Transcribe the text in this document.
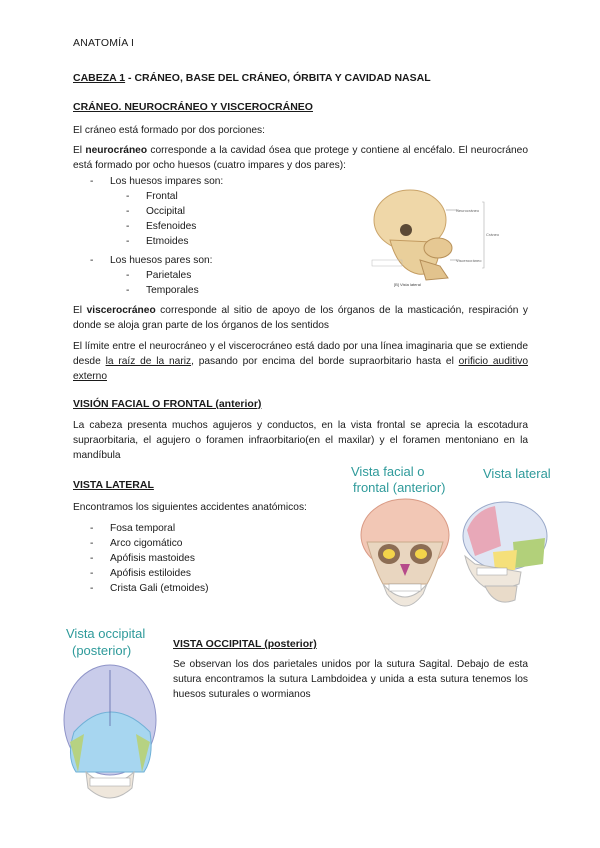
ANATOMÍA I
CABEZA 1 - CRÁNEO, BASE DEL CRÁNEO, ÓRBITA Y CAVIDAD NASAL
CRÁNEO. NEUROCRÁNEO Y VISCEROCRÁNEO
El cráneo está formado por dos porciones:
El neurocráneo corresponde a la cavidad ósea que protege y contiene al encéfalo. El neurocráneo está formado por ocho huesos (cuatro impares y dos pares):
- Los huesos impares son:
- Frontal
- Occipital
- Esfenoides
- Etmoides
- Los huesos pares son:
- Parietales
- Temporales
Neurocráneo
Cráneo
Viscerocráneo
[B] Vista lateral
El viscerocráneo corresponde al sitio de apoyo de los órganos de la masticación, respiración y donde se aloja gran parte de los órganos de los sentidos
El límite entre el neurocráneo y el viscerocráneo está dado por una línea imaginaria que se extiende desde la raíz de la nariz, pasando por encima del borde supraorbitario hasta el orificio auditivo externo
VISIÓN FACIAL O FRONTAL (anterior)
La cabeza presenta muchos agujeros y conductos, en la vista frontal se aprecia la escotadura supraorbitaria, el agujero o foramen infraorbitario(en el maxilar) y el foramen mentoniano en la mandíbula
VISTA LATERAL
Encontramos los siguientes accidentes anatómicos:
- Fosa temporal
- Arco cigomático
- Apófisis mastoides
- Apófisis estiloides
- Crista Gali (etmoides)
Vista facial o
frontal (anterior)
Vista lateral
Vista occipital
(posterior)	VISTA OCCIPITAL (posterior)
Se observan los dos parietales unidos por la sutura Sagital. Debajo de esta sutura encontramos la sutura Lambdoidea y unida a esta sutura tenemos los huesos suturales o wormianos
